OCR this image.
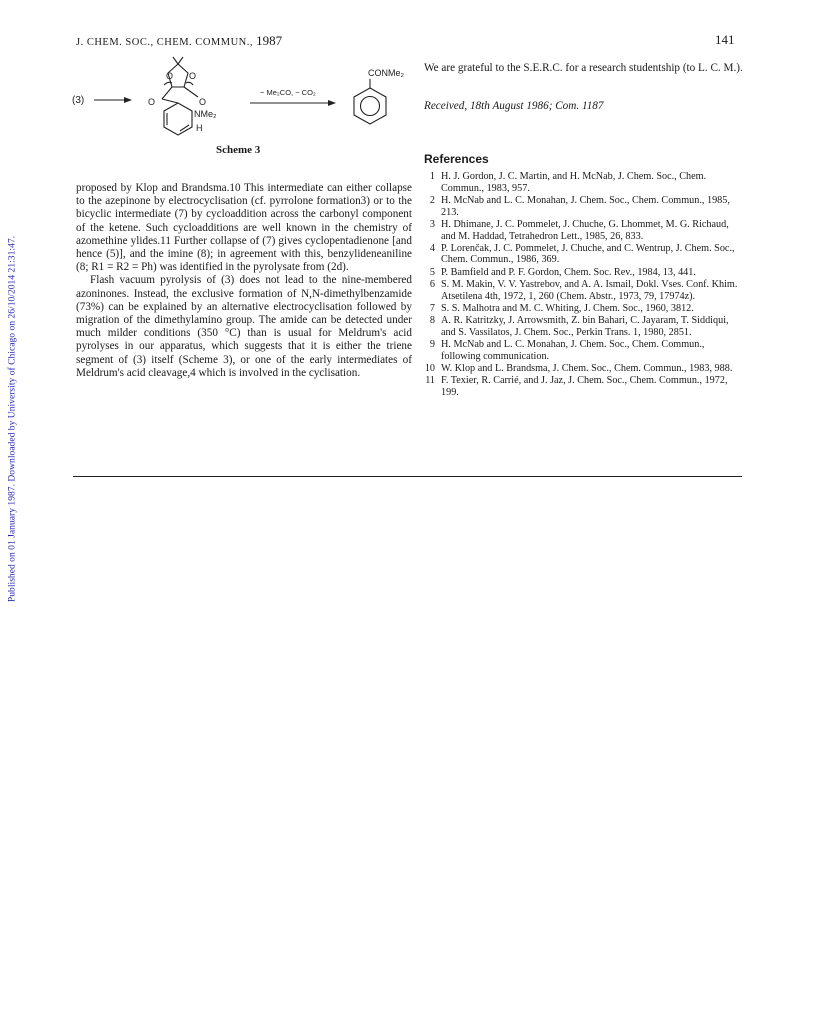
Published on 01 January 1987. Downloaded by University of Chicago on 26/10/2014 21:31:47.
J. CHEM. SOC., CHEM. COMMUN., 1987	141
(3)
O O
O	O
NMe₂
H
− Me₂CO, − CO₂
CONMe₂
Scheme 3

proposed by Klop and Brandsma.10 This intermediate can either collapse to the azepinone by electrocyclisation (cf. pyrrolone formation3) or to the bicyclic intermediate (7) by cycloaddition across the carbonyl component of the ketene. Such cycloadditions are well known in the chemistry of azomethine ylides.11 Further collapse of (7) gives cyclopentadienone [and hence (5)], and the imine (8); in agreement with this, benzylideneaniline (8; R1 = R2 = Ph) was identified in the pyrolysate from (2d).

Flash vacuum pyrolysis of (3) does not lead to the nine-membered azoninones. Instead, the exclusive formation of N,N-dimethylbenzamide (73%) can be explained by an alternative electrocyclisation followed by migration of the dimethylamino group. The amide can be detected under much milder conditions (350 °C) than is usual for Meldrum's acid pyrolyses in our apparatus, which suggests that it is either the triene segment of (3) itself (Scheme 3), or one of the early intermediates of Meldrum's acid cleavage,4 which is involved in the cyclisation.

We are grateful to the S.E.R.C. for a research studentship (to L. C. M.).
Received, 18th August 1986; Com. 1187
References
1 H. J. Gordon, J. C. Martin, and H. McNab, J. Chem. Soc., Chem. Commun., 1983, 957.
2 H. McNab and L. C. Monahan, J. Chem. Soc., Chem. Commun., 1985, 213.
3 H. Dhimane, J. C. Pommelet, J. Chuche, G. Lhommet, M. G. Richaud, and M. Haddad, Tetrahedron Lett., 1985, 26, 833.
4 P. Lorenčak, J. C. Pommelet, J. Chuche, and C. Wentrup, J. Chem. Soc., Chem. Commun., 1986, 369.
5 P. Bamfield and P. F. Gordon, Chem. Soc. Rev., 1984, 13, 441.
6 S. M. Makin, V. V. Yastrebov, and A. A. Ismail, Dokl. Vses. Conf. Khim. Atsetilena 4th, 1972, 1, 260 (Chem. Abstr., 1973, 79, 17974z).
7 S. S. Malhotra and M. C. Whiting, J. Chem. Soc., 1960, 3812.
8 A. R. Katritzky, J. Arrowsmith, Z. bin Bahari, C. Jayaram, T. Siddiqui, and S. Vassilatos, J. Chem. Soc., Perkin Trans. 1, 1980, 2851.
9 H. McNab and L. C. Monahan, J. Chem. Soc., Chem. Commun., following communication.
10 W. Klop and L. Brandsma, J. Chem. Soc., Chem. Commun., 1983, 988.
11 F. Texier, R. Carrié, and J. Jaz, J. Chem. Soc., Chem. Commun., 1972, 199.
